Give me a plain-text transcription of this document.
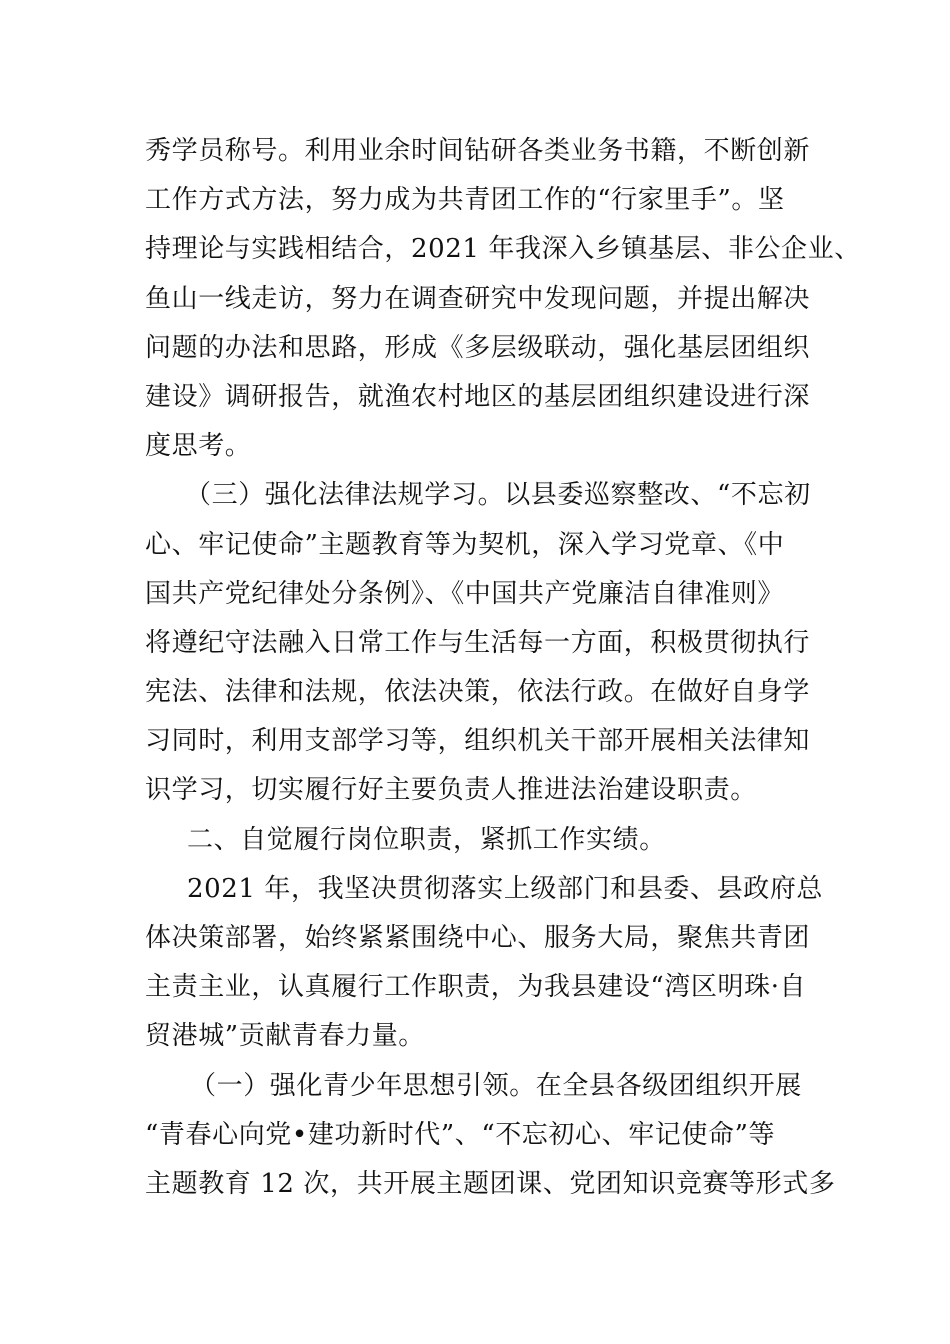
秀学员称号。利用业余时间钻研各类业务书籍，不断创新
工作方式方法，努力成为共青团工作的“行家里手”。坚
持理论与实践相结合，2021 年我深入乡镇基层、非公企业、
鱼山一线走访，努力在调查研究中发现问题，并提出解决
问题的办法和思路，形成《多层级联动，强化基层团组织
建设》调研报告，就渔农村地区的基层团组织建设进行深
度思考。
（三）强化法律法规学习。以县委巡察整改、“不忘初
心、牢记使命”主题教育等为契机，深入学习党章、《中
国共产党纪律处分条例》、《中国共产党廉洁自律准则》
将遵纪守法融入日常工作与生活每一方面，积极贯彻执行
宪法、法律和法规，依法决策，依法行政。在做好自身学
习同时，利用支部学习等，组织机关干部开展相关法律知
识学习，切实履行好主要负责人推进法治建设职责。
二、自觉履行岗位职责，紧抓工作实绩。
2021 年，我坚决贯彻落实上级部门和县委、县政府总
体决策部署，始终紧紧围绕中心、服务大局，聚焦共青团
主责主业，认真履行工作职责，为我县建设“湾区明珠·自
贸港城”贡献青春力量。
（一）强化青少年思想引领。在全县各级团组织开展
“青春心向党•建功新时代”、“不忘初心、牢记使命”等
主题教育 12 次，共开展主题团课、党团知识竞赛等形式多
